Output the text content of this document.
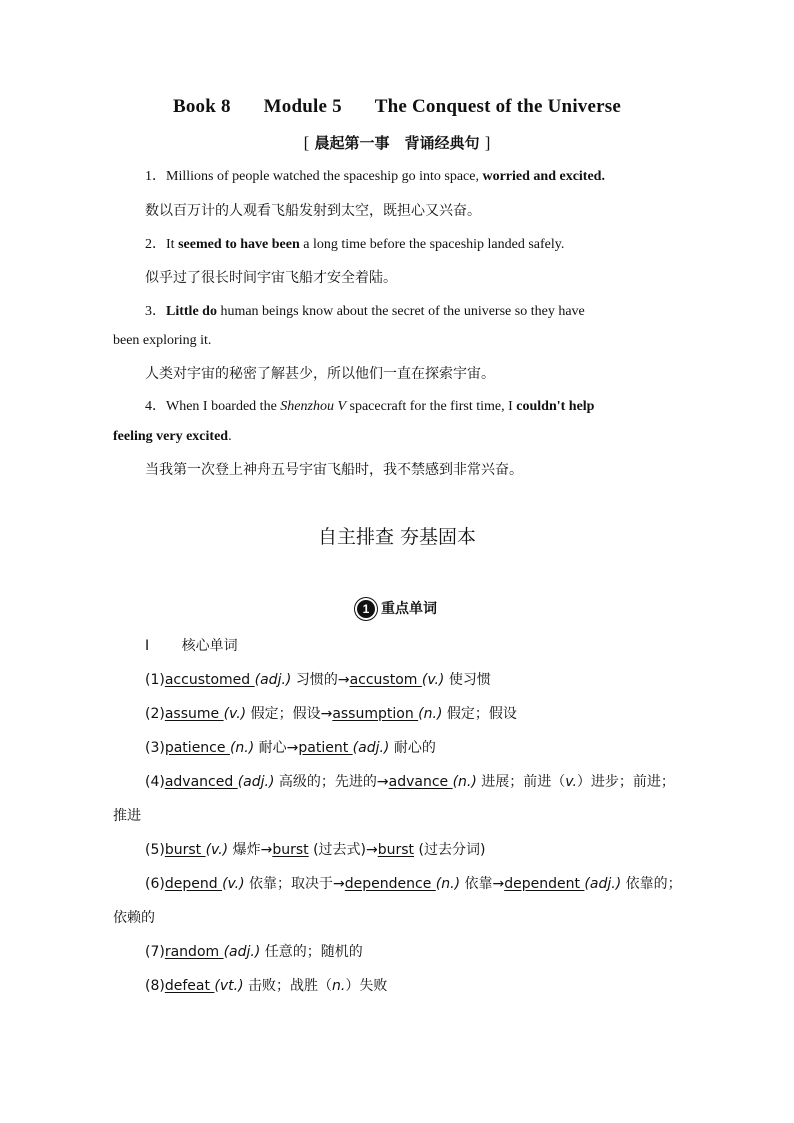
Book 8 Module 5 The Conquest of the Universe
[ 晨起第一事　背诵经典句 ]
1．Millions of people watched the spaceship go into space, worried and excited.
数以百万计的人观看飞船发射到太空，既担心又兴奋。
2．It seemed to have been a long time before the spaceship landed safely.
似乎过了很长时间宇宙飞船才安全着陆。
3．Little do human beings know about the secret of the universe so they have
been exploring it.
人类对宇宙的秘密了解甚少，所以他们一直在探索宇宙。
4．When I boarded the Shenzhou V spacecraft for the first time, I couldn't help
feeling very excited.
当我第一次登上神舟五号宇宙飞船时，我不禁感到非常兴奋。
自主排查 夯基固本
1 重点单词
Ⅰ 核心单词
(1)accustomed (adj.) 习惯的→accustom (v.) 使习惯
(2)assume (v.) 假定；假设→assumption (n.) 假定；假设
(3)patience (n.) 耐心→patient (adj.) 耐心的
(4)advanced (adj.) 高级的；先进的→advance (n.) 进展；前进（v.）进步；前进；
推进
(5)burst (v.) 爆炸→burst (过去式)→burst (过去分词)
(6)depend (v.) 依靠；取决于→dependence (n.) 依靠→dependent (adj.) 依靠的；
依赖的
(7)random (adj.) 任意的；随机的
(8)defeat (vt.) 击败；战胜（n.）失败
